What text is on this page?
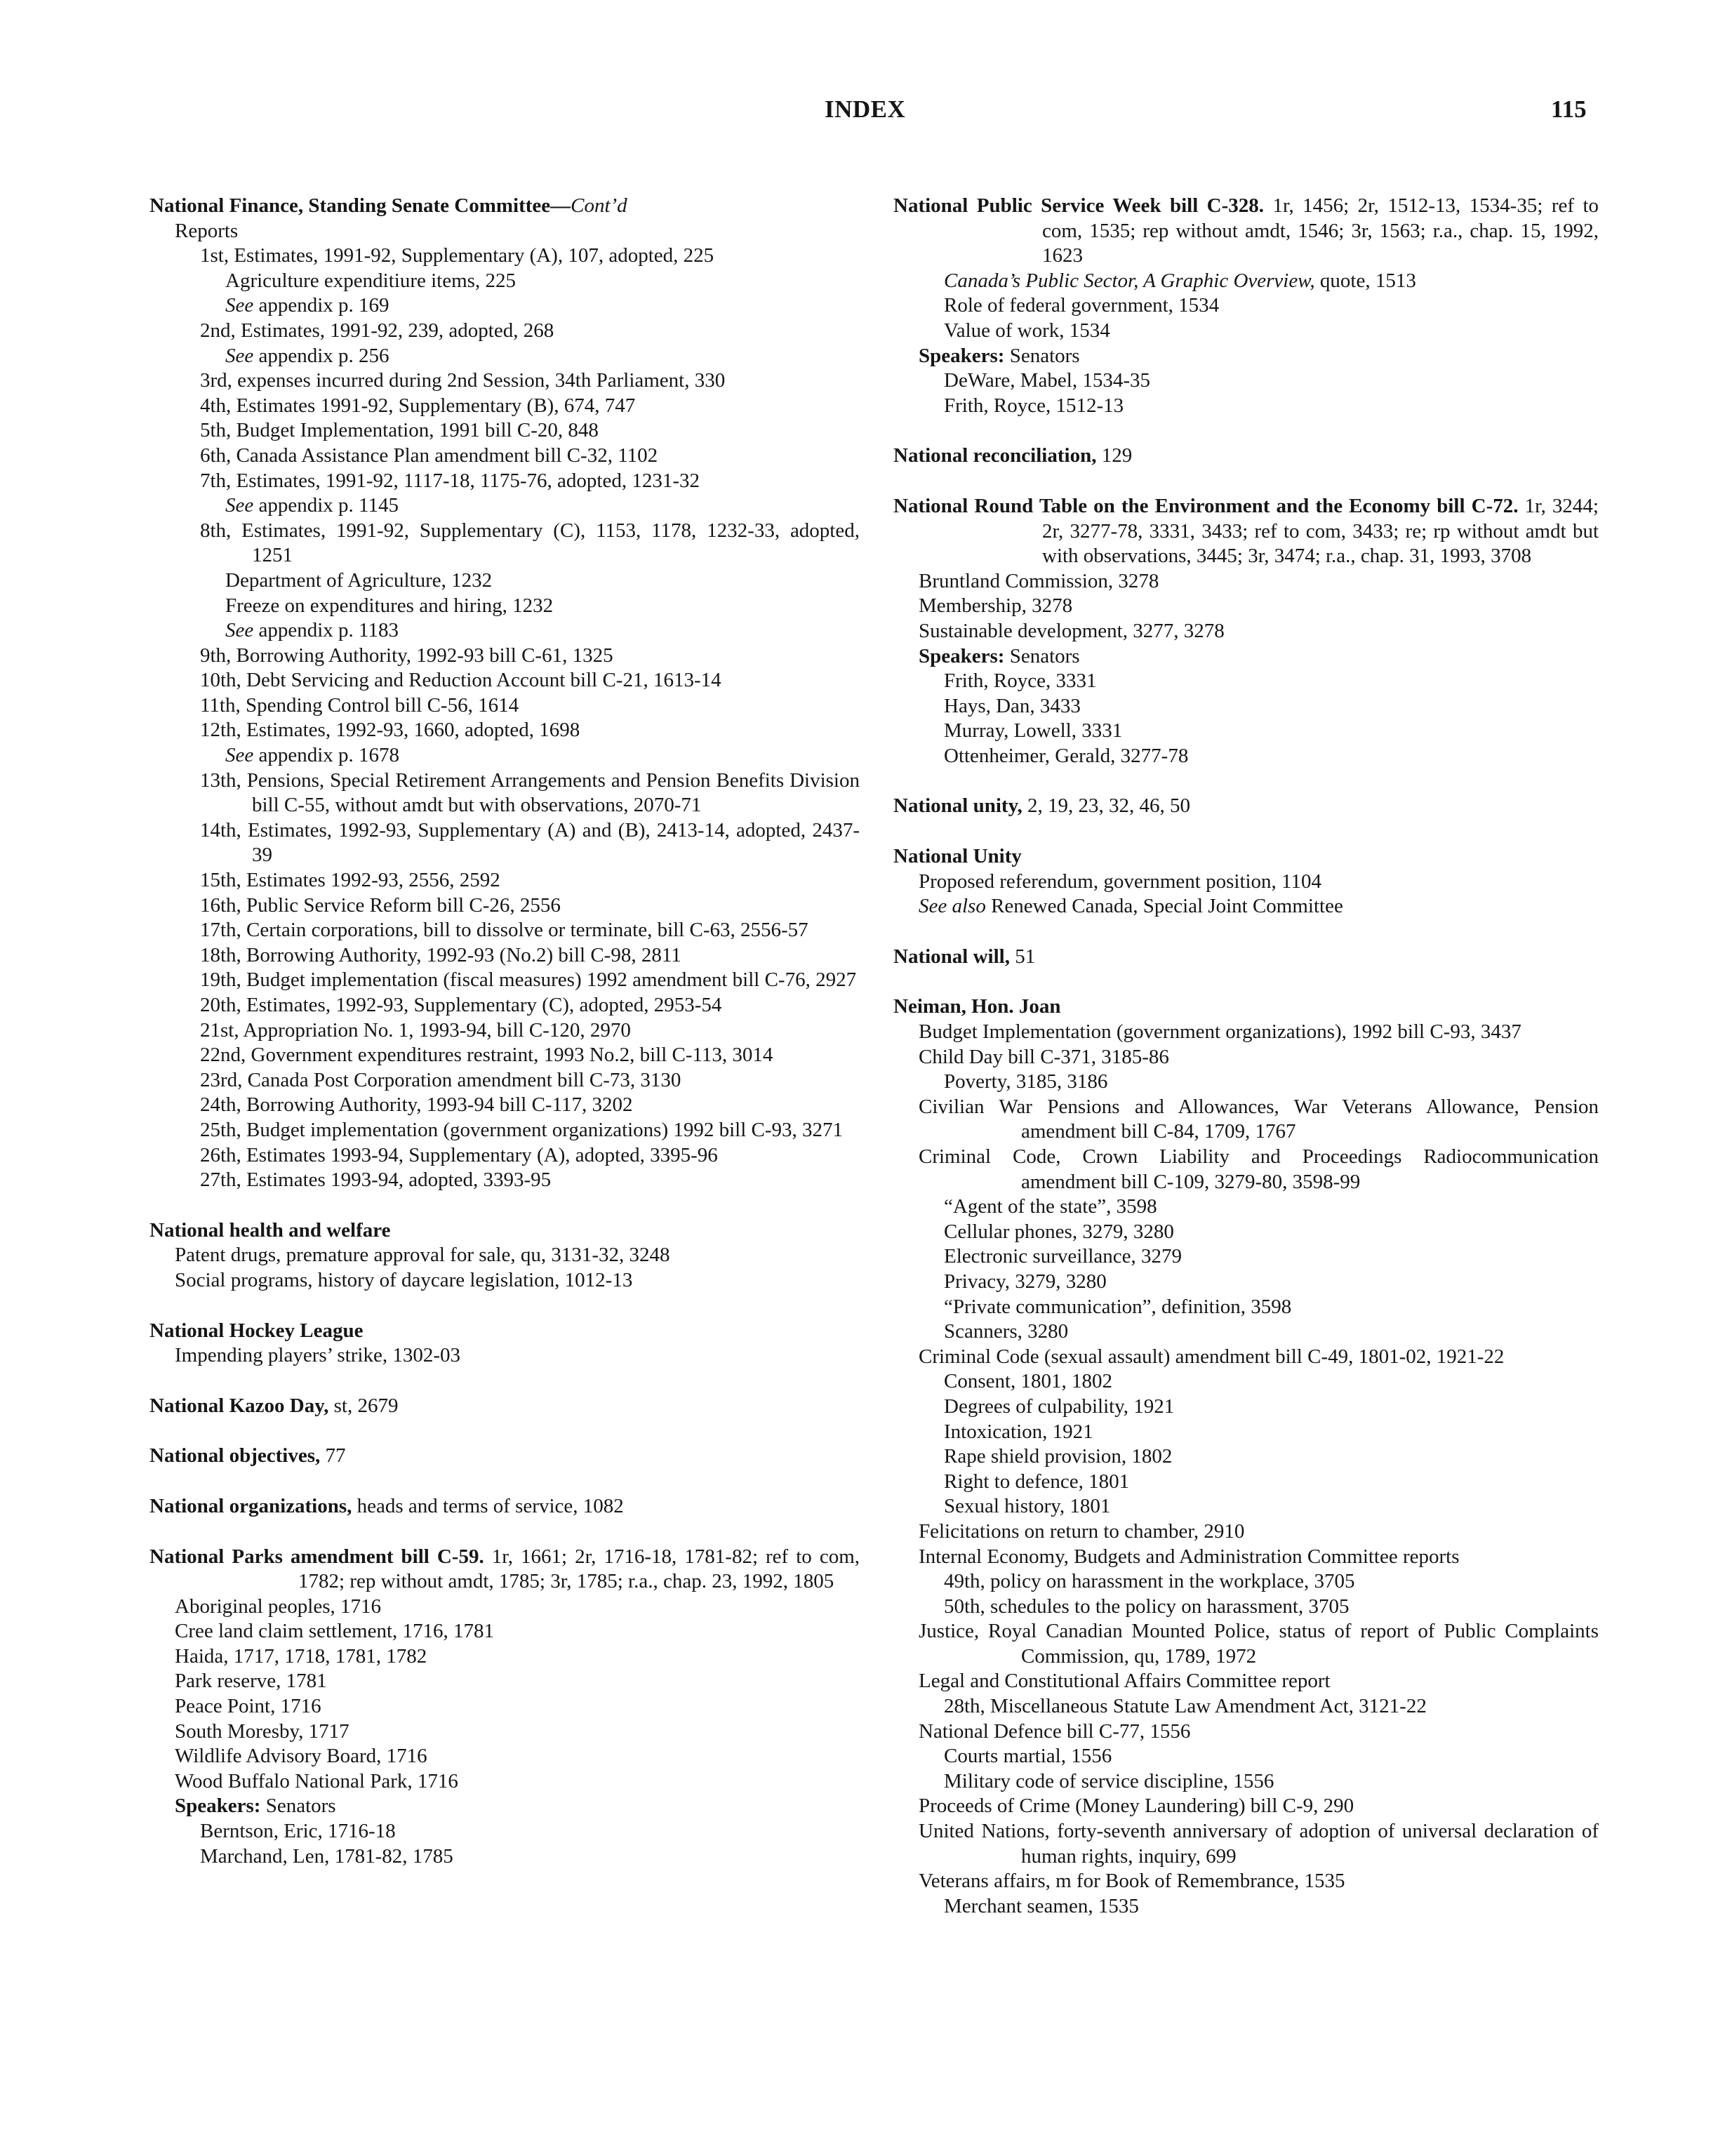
INDEX	115
National Finance, Standing Senate Committee—Cont’d
Reports
1st, Estimates, 1991-92, Supplementary (A), 107, adopted, 225
Agriculture expenditiure items, 225
See appendix p. 169
2nd, Estimates, 1991-92, 239, adopted, 268
See appendix p. 256
3rd, expenses incurred during 2nd Session, 34th Parliament, 330
4th, Estimates 1991-92, Supplementary (B), 674, 747
5th, Budget Implementation, 1991 bill C-20, 848
6th, Canada Assistance Plan amendment bill C-32, 1102
7th, Estimates, 1991-92, 1117-18, 1175-76, adopted, 1231-32
See appendix p. 1145
8th, Estimates, 1991-92, Supplementary (C), 1153, 1178, 1232-33, adopted, 1251
Department of Agriculture, 1232
Freeze on expenditures and hiring, 1232
See appendix p. 1183
9th, Borrowing Authority, 1992-93 bill C-61, 1325
10th, Debt Servicing and Reduction Account bill C-21, 1613-14
11th, Spending Control bill C-56, 1614
12th, Estimates, 1992-93, 1660, adopted, 1698
See appendix p. 1678
13th, Pensions, Special Retirement Arrangements and Pension Benefits Division bill C-55, without amdt but with observations, 2070-71
14th, Estimates, 1992-93, Supplementary (A) and (B), 2413-14, adopted, 2437-39
15th, Estimates 1992-93, 2556, 2592
16th, Public Service Reform bill C-26, 2556
17th, Certain corporations, bill to dissolve or terminate, bill C-63, 2556-57
18th, Borrowing Authority, 1992-93 (No.2) bill C-98, 2811
19th, Budget implementation (fiscal measures) 1992 amendment bill C-76, 2927
20th, Estimates, 1992-93, Supplementary (C), adopted, 2953-54
21st, Appropriation No. 1, 1993-94, bill C-120, 2970
22nd, Government expenditures restraint, 1993 No.2, bill C-113, 3014
23rd, Canada Post Corporation amendment bill C-73, 3130
24th, Borrowing Authority, 1993-94 bill C-117, 3202
25th, Budget implementation (government organizations) 1992 bill C-93, 3271
26th, Estimates 1993-94, Supplementary (A), adopted, 3395-96
27th, Estimates 1993-94, adopted, 3393-95
National health and welfare
Patent drugs, premature approval for sale, qu, 3131-32, 3248
Social programs, history of daycare legislation, 1012-13
National Hockey League
Impending players’ strike, 1302-03
National Kazoo Day, st, 2679
National objectives, 77
National organizations, heads and terms of service, 1082
National Parks amendment bill C-59. 1r, 1661; 2r, 1716-18, 1781-82; ref to com, 1782; rep without amdt, 1785; 3r, 1785; r.a., chap. 23, 1992, 1805
Aboriginal peoples, 1716
Cree land claim settlement, 1716, 1781
Haida, 1717, 1718, 1781, 1782
Park reserve, 1781
Peace Point, 1716
South Moresby, 1717
Wildlife Advisory Board, 1716
Wood Buffalo National Park, 1716
Speakers: Senators
Berntson, Eric, 1716-18
Marchand, Len, 1781-82, 1785
National Public Service Week bill C-328. 1r, 1456; 2r, 1512-13, 1534-35; ref to com, 1535; rep without amdt, 1546; 3r, 1563; r.a., chap. 15, 1992, 1623
Canada’s Public Sector, A Graphic Overview, quote, 1513
Role of federal government, 1534
Value of work, 1534
Speakers: Senators
DeWare, Mabel, 1534-35
Frith, Royce, 1512-13
National reconciliation, 129
National Round Table on the Environment and the Economy bill C-72. 1r, 3244; 2r, 3277-78, 3331, 3433; ref to com, 3433; re; rp without amdt but with observations, 3445; 3r, 3474; r.a., chap. 31, 1993, 3708
Bruntland Commission, 3278
Membership, 3278
Sustainable development, 3277, 3278
Speakers: Senators
Frith, Royce, 3331
Hays, Dan, 3433
Murray, Lowell, 3331
Ottenheimer, Gerald, 3277-78
National unity, 2, 19, 23, 32, 46, 50
National Unity
Proposed referendum, government position, 1104
See also Renewed Canada, Special Joint Committee
National will, 51
Neiman, Hon. Joan
Budget Implementation (government organizations), 1992 bill C-93, 3437
Child Day bill C-371, 3185-86
Poverty, 3185, 3186
Civilian War Pensions and Allowances, War Veterans Allowance, Pension amendment bill C-84, 1709, 1767
Criminal Code, Crown Liability and Proceedings Radiocommunication amendment bill C-109, 3279-80, 3598-99
“Agent of the state”, 3598
Cellular phones, 3279, 3280
Electronic surveillance, 3279
Privacy, 3279, 3280
“Private communication”, definition, 3598
Scanners, 3280
Criminal Code (sexual assault) amendment bill C-49, 1801-02, 1921-22
Consent, 1801, 1802
Degrees of culpability, 1921
Intoxication, 1921
Rape shield provision, 1802
Right to defence, 1801
Sexual history, 1801
Felicitations on return to chamber, 2910
Internal Economy, Budgets and Administration Committee reports
49th, policy on harassment in the workplace, 3705
50th, schedules to the policy on harassment, 3705
Justice, Royal Canadian Mounted Police, status of report of Public Complaints Commission, qu, 1789, 1972
Legal and Constitutional Affairs Committee report
28th, Miscellaneous Statute Law Amendment Act, 3121-22
National Defence bill C-77, 1556
Courts martial, 1556
Military code of service discipline, 1556
Proceeds of Crime (Money Laundering) bill C-9, 290
United Nations, forty-seventh anniversary of adoption of universal declaration of human rights, inquiry, 699
Veterans affairs, m for Book of Remembrance, 1535
Merchant seamen, 1535
